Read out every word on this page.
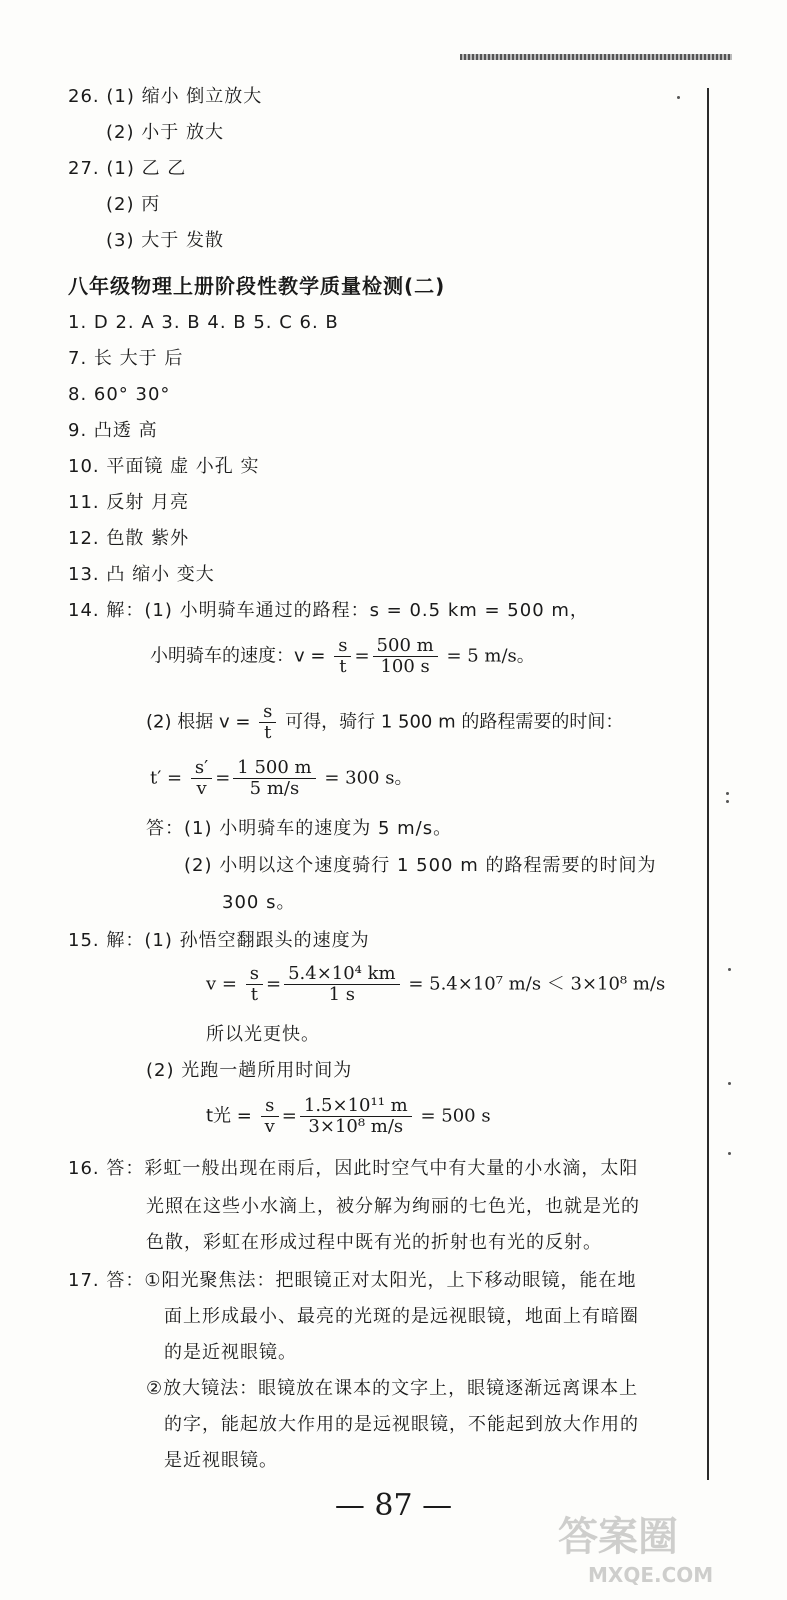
26. (1) 缩小 倒立放大
(2) 小于 放大
27. (1) 乙 乙
(2) 丙
(3) 大于 发散
八年级物理上册阶段性教学质量检测(二)
1. D 2. A 3. B 4. B 5. C 6. B
7. 长 大于 后
8. 60° 30°
9. 凸透 高
10. 平面镜 虚 小孔 实
11. 反射 月亮
12. 色散 紫外
13. 凸 缩小 变大
14. 解：(1) 小明骑车通过的路程：s = 0.5 km = 500 m，
小明骑车的速度：$v = \frac{s}{t} = \frac{500 m}{100 s} = 5$ m/s。
(2) 根据 $v = \frac{s}{t}$ 可得，骑行 1 500 m 的路程需要的时间：
$t' = \frac{s'}{v} = \frac{1 500 m}{5 m/s} = 300$ s。
答：(1) 小明骑车的速度为 5 m/s。
(2) 小明以这个速度骑行 1 500 m 的路程需要的时间为
300 s。
15. 解：(1) 孙悟空翻跟头的速度为
$v = \frac{s}{t} = \frac{\text{5.4×10⁴ km}}{1 s} = 5.4\times 10^7$ m/s ＜ 3×10⁸ m/s
所以光更快。
(2) 光跑一趟所用时间为
t光 = $\frac{s}{v} = \frac{\text{1.5×10¹¹ m}}{\text{3×10⁸ m/s}} = 500$ s
16. 答：彩虹一般出现在雨后，因此时空气中有大量的小水滴，太阳
光照在这些小水滴上，被分解为绚丽的七色光，也就是光的
色散，彩虹在形成过程中既有光的折射也有光的反射。
17. 答：①阳光聚焦法：把眼镜正对太阳光，上下移动眼镜，能在地
面上形成最小、最亮的光斑的是远视眼镜，地面上有暗圈
的是近视眼镜。
②放大镜法：眼镜放在课本的文字上，眼镜逐渐远离课本上
的字，能起放大作用的是远视眼镜，不能起到放大作用的
是近视眼镜。
— 87 —
答案圈
MXQE.COM
